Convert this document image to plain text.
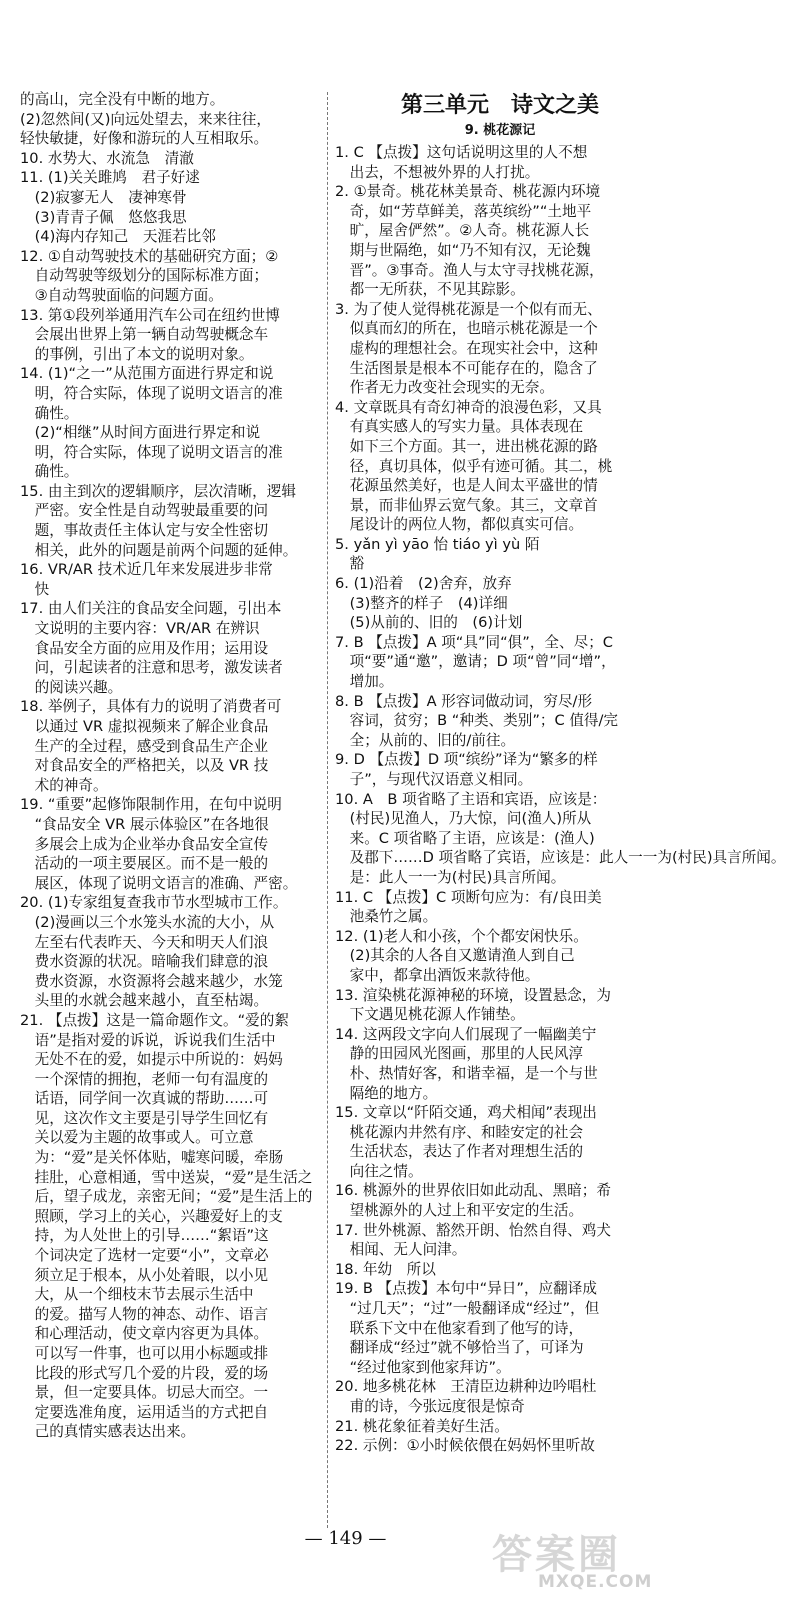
的高山，完全没有中断的地方。
(2)忽然间(又)向远处望去，来来往往，
轻快敏捷，好像和游玩的人互相取乐。
10. 水势大、水流急　清澈
11. (1)关关雎鸠　君子好逑
　(2)寂寥无人　凄神寒骨
　(3)青青子佩　悠悠我思
　(4)海内存知己　天涯若比邻
12. ①自动驾驶技术的基础研究方面；②
　自动驾驶等级划分的国际标准方面；
　③自动驾驶面临的问题方面。
13. 第①段列举通用汽车公司在纽约世博
　会展出世界上第一辆自动驾驶概念车
　的事例，引出了本文的说明对象。
14. (1)“之一”从范围方面进行界定和说
　明，符合实际，体现了说明文语言的准
　确性。
　(2)“相继”从时间方面进行界定和说
　明，符合实际，体现了说明文语言的准
　确性。
15. 由主到次的逻辑顺序，层次清晰，逻辑
　严密。安全性是自动驾驶最重要的问
　题，事故责任主体认定与安全性密切
　相关，此外的问题是前两个问题的延伸。
16. VR/AR 技术近几年来发展进步非常
　快
17. 由人们关注的食品安全问题，引出本
　文说明的主要内容：VR/AR 在辨识
　食品安全方面的应用及作用；运用设
　问，引起读者的注意和思考，激发读者
　的阅读兴趣。
18. 举例子，具体有力的说明了消费者可
　以通过 VR 虚拟视频来了解企业食品
　生产的全过程，感受到食品生产企业
　对食品安全的严格把关，以及 VR 技
　术的神奇。
19. “重要”起修饰限制作用，在句中说明
　“食品安全 VR 展示体验区”在各地很
　多展会上成为企业举办食品安全宣传
　活动的一项主要展区。而不是一般的
　展区，体现了说明文语言的准确、严密。
20. (1)专家组复查我市节水型城市工作。
　(2)漫画以三个水笼头水流的大小，从
　左至右代表昨天、今天和明天人们浪
　费水资源的状况。暗喻我们肆意的浪
　费水资源，水资源将会越来越少，水笼
　头里的水就会越来越小，直至枯竭。
21. 【点拨】这是一篇命题作文。“爱的絮
　语”是指对爱的诉说，诉说我们生活中
　无处不在的爱，如提示中所说的：妈妈
　一个深情的拥抱，老师一句有温度的
　话语，同学间一次真诚的帮助……可
　见，这次作文主要是引导学生回忆有
　关以爱为主题的故事或人。可立意
　为：“爱”是关怀体贴，嘘寒问暖，牵肠
　挂肚，心意相通，雪中送炭，“爱”是生活之
　后，望子成龙，亲密无间；“爱”是生活上的
　照顾，学习上的关心，兴趣爱好上的支
　持，为人处世上的引导……“絮语”这
　个词决定了选材一定要“小”，文章必
　须立足于根本，从小处着眼，以小见
　大，从一个细枝末节去展示生活中
　的爱。描写人物的神态、动作、语言
　和心理活动，使文章内容更为具体。
　可以写一件事，也可以用小标题或排
　比段的形式写几个爱的片段，爱的场
　景，但一定要具体。切忌大而空。一
　定要选准角度，运用适当的方式把自
　己的真情实感表达出来。
第三单元　诗文之美
9. 桃花源记
1. C 【点拨】这句话说明这里的人不想
　出去，不想被外界的人打扰。
2. ①景奇。桃花林美景奇、桃花源内环境
　奇，如“芳草鲜美，落英缤纷”“土地平
　旷，屋舍俨然”。②人奇。桃花源人长
　期与世隔绝，如“乃不知有汉，无论魏
　晋”。③事奇。渔人与太守寻找桃花源，
　都一无所获，不见其踪影。
3. 为了使人觉得桃花源是一个似有而无、
　似真而幻的所在，也暗示桃花源是一个
　虚构的理想社会。在现实社会中，这种
　生活图景是根本不可能存在的，隐含了
　作者无力改变社会现实的无奈。
4. 文章既具有奇幻神奇的浪漫色彩，又具
　有真实感人的写实力量。具体表现在
　如下三个方面。其一，进出桃花源的路
　径，真切具体，似乎有迹可循。其二，桃
　花源虽然美好，也是人间太平盛世的情
　景，而非仙界云宽气象。其三，文章首
　尾设计的两位人物，都似真实可信。
5. yǎn yì yāo 怡 tiáo yì yù 陌
　豁
6. (1)沿着　(2)舍弃，放弃
　(3)整齐的样子　(4)详细
　(5)从前的、旧的　(6)计划
7. B 【点拨】A 项“具”同“俱”，全、尽；C
　项“要”通“邀”，邀请；D 项“曾”同“增”，
　增加。
8. B 【点拨】A 形容词做动词，穷尽/形
　容词，贫穷；B “种类、类别”；C 值得/完
　全；从前的、旧的/前往。
9. D 【点拨】D 项“缤纷”译为“繁多的样
　子”，与现代汉语意义相同。
10. A　B 项省略了主语和宾语，应该是：
　(村民)见渔人，乃大惊，问(渔人)所从
　来。C 项省略了主语，应该是：(渔人)
　及郡下……D 项省略了宾语，应该是：此人一一为(村民)具言所闻。
　是：此人一一为(村民)具言所闻。
11. C 【点拨】C 项断句应为：有/良田美
　池桑竹之属。
12. (1)老人和小孩，个个都安闲快乐。
　(2)其余的人各自又邀请渔人到自己
　家中，都拿出酒饭来款待他。
13. 渲染桃花源神秘的环境，设置悬念，为
　下文遇见桃花源人作铺垫。
14. 这两段文字向人们展现了一幅幽美宁
　静的田园风光图画，那里的人民风淳
　朴、热情好客，和谐幸福，是一个与世
　隔绝的地方。
15. 文章以“阡陌交通，鸡犬相闻”表现出
　桃花源内井然有序、和睦安定的社会
　生活状态，表达了作者对理想生活的
　向往之情。
16. 桃源外的世界依旧如此动乱、黑暗；希
　望桃源外的人过上和平安定的生活。
17. 世外桃源、豁然开朗、怡然自得、鸡犬
　相闻、无人问津。
18. 年幼　所以
19. B 【点拨】本句中“异日”，应翻译成
　“过几天”；“过”一般翻译成“经过”，但
　联系下文中在他家看到了他写的诗，
　翻译成“经过”就不够恰当了，可译为
　“经过他家到他家拜访”。
20. 地多桃花林　王清臣边耕种边吟唱杜
　甫的诗，今张远度很是惊奇
21. 桃花象征着美好生活。
22. 示例：①小时候依偎在妈妈怀里听故
— 149 —	答案圈
MXQE.COM
